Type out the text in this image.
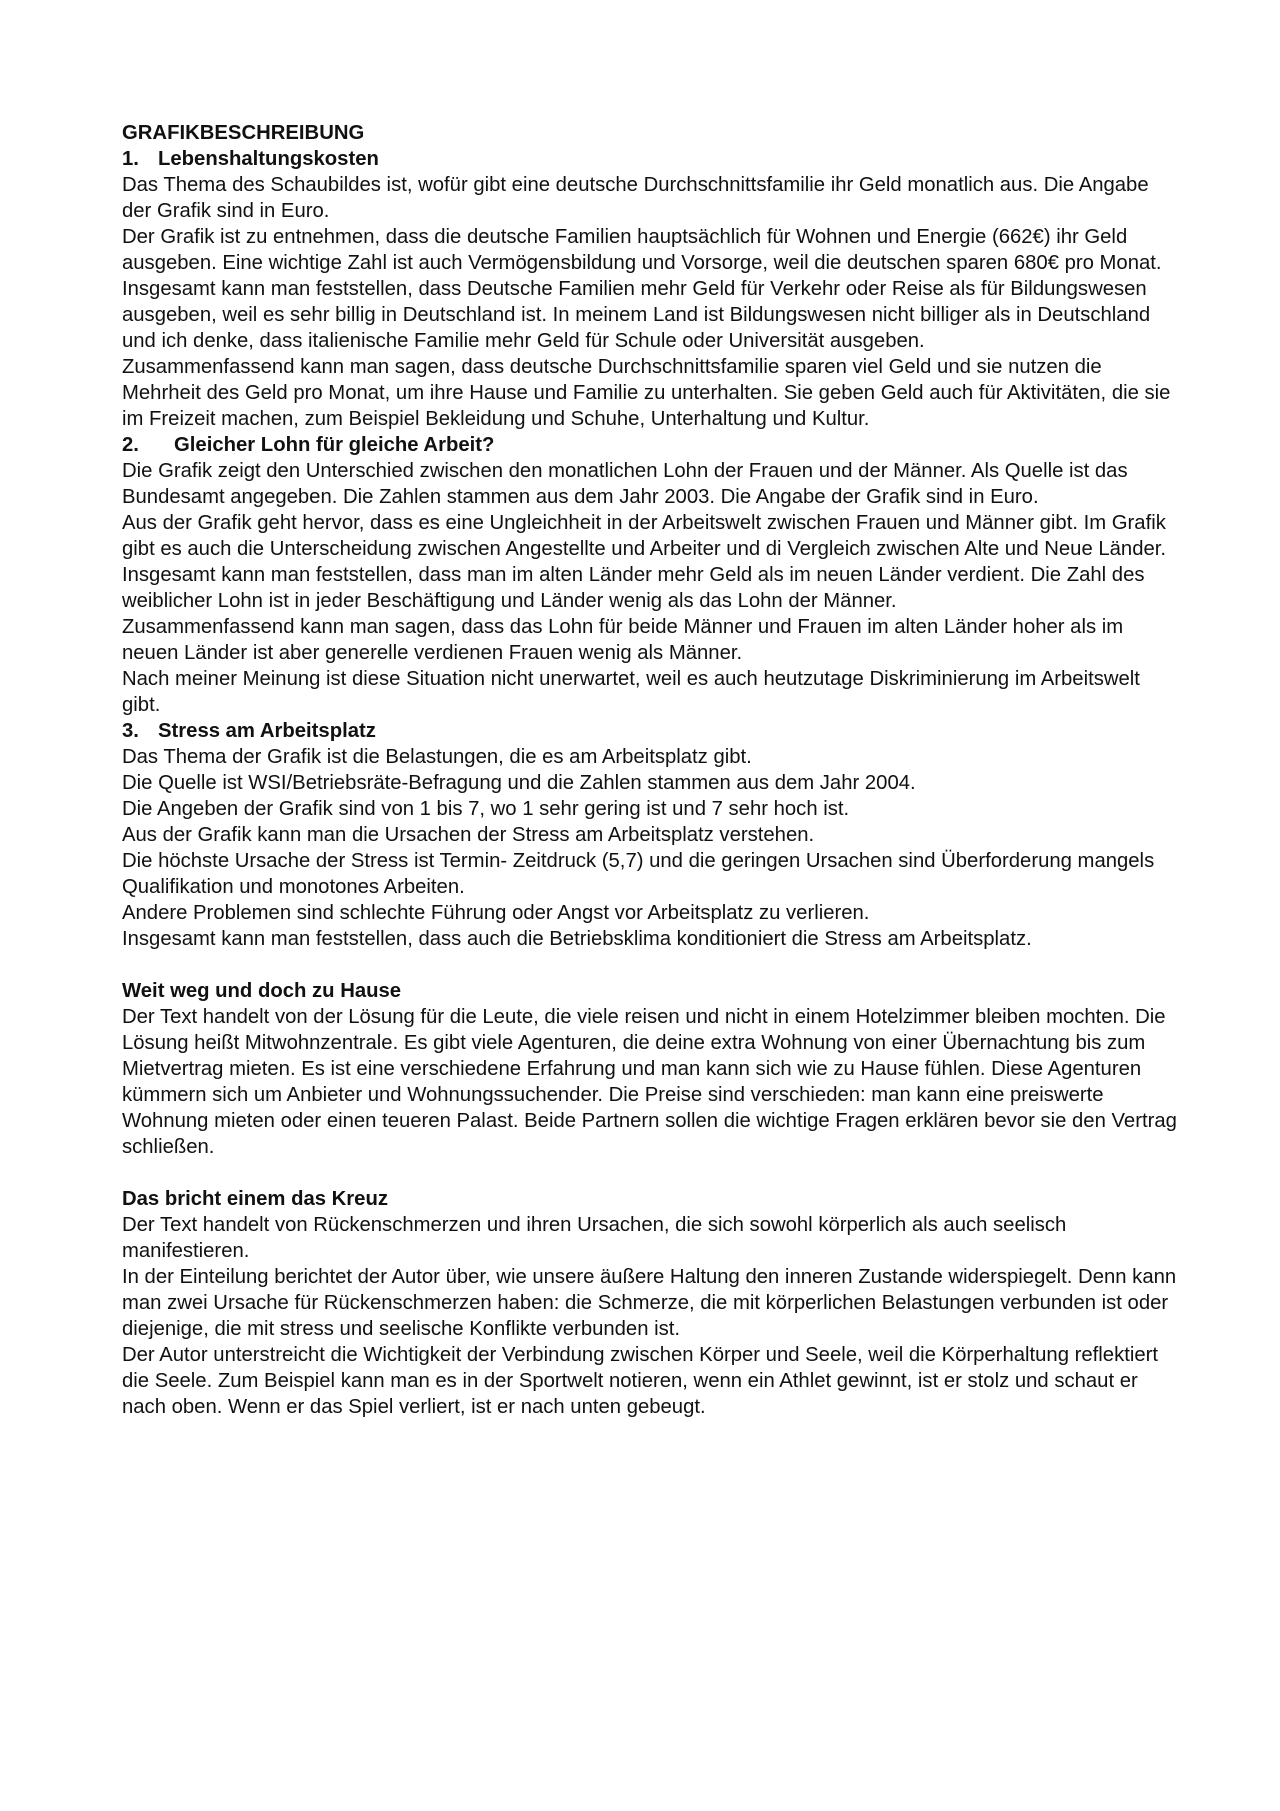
GRAFIKBESCHREIBUNG
1. Lebenshaltungskosten

Das Thema des Schaubildes ist, wofür gibt eine deutsche Durchschnittsfamilie ihr Geld monatlich aus. Die Angabe der Grafik sind in Euro.

Der Grafik ist zu entnehmen, dass die deutsche Familien hauptsächlich für Wohnen und Energie (662€) ihr Geld ausgeben. Eine wichtige Zahl ist auch Vermögensbildung und Vorsorge, weil die deutschen sparen 680€ pro Monat. Insgesamt kann man feststellen, dass Deutsche Familien mehr Geld für Verkehr oder Reise als für Bildungswesen ausgeben, weil es sehr billig in Deutschland ist. In meinem Land ist Bildungswesen nicht billiger als in Deutschland und ich denke, dass italienische Familie mehr Geld für Schule oder Universität ausgeben.

Zusammenfassend kann man sagen, dass deutsche Durchschnittsfamilie sparen viel Geld und sie nutzen die Mehrheit des Geld pro Monat, um ihre Hause und Familie zu unterhalten. Sie geben Geld auch für Aktivitäten, die sie im Freizeit machen, zum Beispiel Bekleidung und Schuhe, Unterhaltung und Kultur.

2.	Gleicher Lohn für gleiche Arbeit?

Die Grafik zeigt den Unterschied zwischen den monatlichen Lohn der Frauen und der Männer. Als Quelle ist das Bundesamt angegeben. Die Zahlen stammen aus dem Jahr 2003. Die Angabe der Grafik sind in Euro.

Aus der Grafik geht hervor, dass es eine Ungleichheit in der Arbeitswelt zwischen Frauen und Männer gibt. Im Grafik gibt es auch die Unterscheidung zwischen Angestellte und Arbeiter und di Vergleich zwischen Alte und Neue Länder.

Insgesamt kann man feststellen, dass man im alten Länder mehr Geld als im neuen Länder verdient. Die Zahl des weiblicher Lohn ist in jeder Beschäftigung und Länder wenig als das Lohn der Männer.

Zusammenfassend kann man sagen, dass das Lohn für beide Männer und Frauen im alten Länder hoher als im neuen Länder ist aber generelle verdienen Frauen wenig als Männer.

Nach meiner Meinung ist diese Situation nicht unerwartet, weil es auch heutzutage Diskriminierung im Arbeitswelt gibt.

3. Stress am Arbeitsplatz

Das Thema der Grafik ist die Belastungen, die es am Arbeitsplatz gibt.

Die Quelle ist WSI/Betriebsräte-Befragung und die Zahlen stammen aus dem Jahr 2004.

Die Angeben der Grafik sind von 1 bis 7, wo 1 sehr gering ist und 7 sehr hoch ist.

Aus der Grafik kann man die Ursachen der Stress am Arbeitsplatz verstehen.

Die höchste Ursache der Stress ist Termin- Zeitdruck (5,7) und die geringen Ursachen sind Überforderung mangels Qualifikation und monotones Arbeiten.

Andere Problemen sind schlechte Führung oder Angst vor Arbeitsplatz zu verlieren.

Insgesamt kann man feststellen, dass auch die Betriebsklima konditioniert die Stress am Arbeitsplatz.

Weit weg und doch zu Hause

Der Text handelt von der Lösung für die Leute, die viele reisen und nicht in einem Hotelzimmer bleiben mochten. Die Lösung heißt Mitwohnzentrale. Es gibt viele Agenturen, die deine extra Wohnung von einer Übernachtung bis zum Mietvertrag mieten. Es ist eine verschiedene Erfahrung und man kann sich wie zu Hause fühlen. Diese Agenturen kümmern sich um Anbieter und Wohnungssuchender. Die Preise sind verschieden: man kann eine preiswerte Wohnung mieten oder einen teueren Palast. Beide Partnern sollen die wichtige Fragen erklären bevor sie den Vertrag schließen.

Das bricht einem das Kreuz

Der Text handelt von Rückenschmerzen und ihren Ursachen, die sich sowohl körperlich als auch seelisch manifestieren.

In der Einteilung berichtet der Autor über, wie unsere äußere Haltung den inneren Zustande widerspiegelt. Denn kann man zwei Ursache für Rückenschmerzen haben: die Schmerze, die mit körperlichen Belastungen verbunden ist oder diejenige, die mit stress und seelische Konflikte verbunden ist.

Der Autor unterstreicht die Wichtigkeit der Verbindung zwischen Körper und Seele, weil die Körperhaltung reflektiert die Seele. Zum Beispiel kann man es in der Sportwelt notieren, wenn ein Athlet gewinnt, ist er stolz und schaut er nach oben. Wenn er das Spiel verliert, ist er nach unten gebeugt.
